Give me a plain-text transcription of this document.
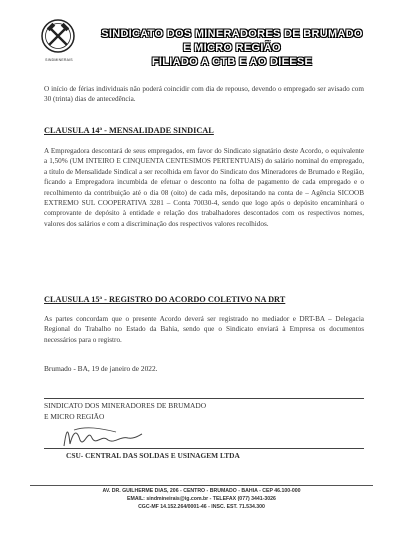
SINDMINERAIS
SINDICATO DOS MINERADORES DE BRUMADO
E MICRO REGIÃO
FILIADO A CTB E AO DIEESE
O início de férias individuais não poderá coincidir com dia de repouso, devendo o empregado ser avisado com 30 (trinta) dias de antecedência.
CLAUSULA 14ª - MENSALIDADE SINDICAL
A Empregadora descontará de seus empregados, em favor do Sindicato signatário deste Acordo, o equivalente a 1,50% (UM INTEIRO E CINQUENTA CENTESIMOS PERTENTUAIS) do salário nominal do empregado, a título de Mensalidade Sindical a ser recolhida em favor do Sindicato dos Mineradores de Brumado e Região, ficando a Empregadora incumbida de efetuar o desconto na folha de pagamento de cada empregado e o recolhimento da contribuição até o dia 08 (oito) de cada mês, depositando na conta de – Agência SICOOB EXTREMO SUL COOPERATIVA 3281 – Conta 70030-4, sendo que logo após o depósito encaminhará o comprovante de depósito à entidade e relação dos trabalhadores descontados com os respectivos nomes, valores dos salários e com a discriminação dos respectivos valores recolhidos.
CLAUSULA 15ª - REGISTRO DO ACORDO COLETIVO NA DRT
As partes concordam que o presente Acordo deverá ser registrado no mediador e DRT-BA – Delegacia Regional do Trabalho no Estado da Bahia, sendo que o Sindicato enviará à Empresa os documentos necessários para o registro.
Brumado - BA, 19 de janeiro de 2022.
SINDICATO DOS MINERADORES DE BRUMADO
E MICRO REGIÃO
CSU- CENTRAL DAS SOLDAS E USINAGEM LTDA
AV. DR. GUILHERME DIAS, 206 - CENTRO - BRUMADO - BAHIA - CEP 46.100-000
EMAIL: sindmineirais@ig.com.br - TELEFAX (077) 3441-3026
CGC-MF 14.152.264/0001-46 - INSC. EST. 71.534.300
